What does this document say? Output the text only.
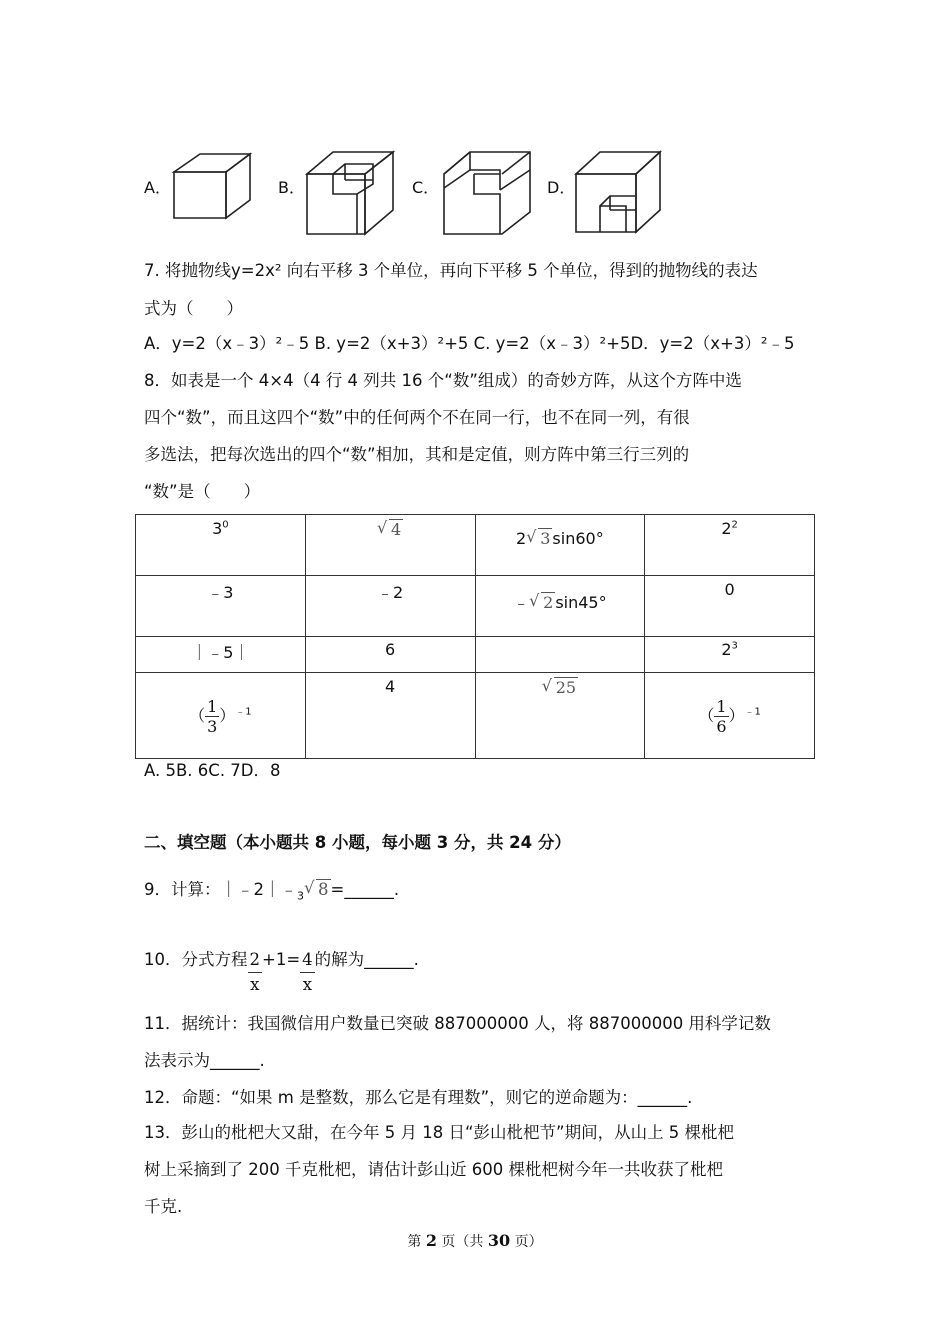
A．	B．	C．	D．
7. 将抛物线y=2x² 向右平移 3 个单位，再向下平移 5 个单位，得到的抛物线的表达
式为（　　）
A．y=2（x﹣3）²﹣5 B. y=2（x+3）²+5 C. y=2（x﹣3）²+5D．y=2（x+3）²﹣5
8．如表是一个 4×4（4 行 4 列共 16 个“数”组成）的奇妙方阵，从这个方阵中选
四个“数”，而且这四个“数”中的任何两个不在同一行，也不在同一列，有很
多选法，把每次选出的四个“数”相加，其和是定值，则方阵中第三行三列的
“数”是（　　）
$3^0$	√ 4	2 √ 3 sin60°	$2^2$

﹣3	﹣2	﹣ √ 2 sin45°	0

｜﹣5｜	6		$2^3$

（ $\frac{1}{3} )^{﹣1}$	4	√ 25	（ $\frac{1}{6} )^{﹣1}$
A. 5B. 6C. 7D．8
二、填空题（本小题共 8 小题，每小题 3 分，共 24 分）
9．计算：$|﹣2|﹣_3$ √ 8 =______.
10．分式方程 $\frac{2}{x} +1= \frac{4}{x}$ 的解为______.
11．据统计：我国微信用户数量已突破 887000000 人，将 887000000 用科学记数
法表示为______.
12．命题：“如果 m 是整数，那么它是有理数”，则它的逆命题为：______.
13．彭山的枇杷大又甜，在今年 5 月 18 日“彭山枇杷节”期间，从山上 5 棵枇杷
树上采摘到了 200 千克枇杷，请估计彭山近 600 棵枇杷树今年一共收获了枇杷
千克.
第 2 页（共 30 页）
